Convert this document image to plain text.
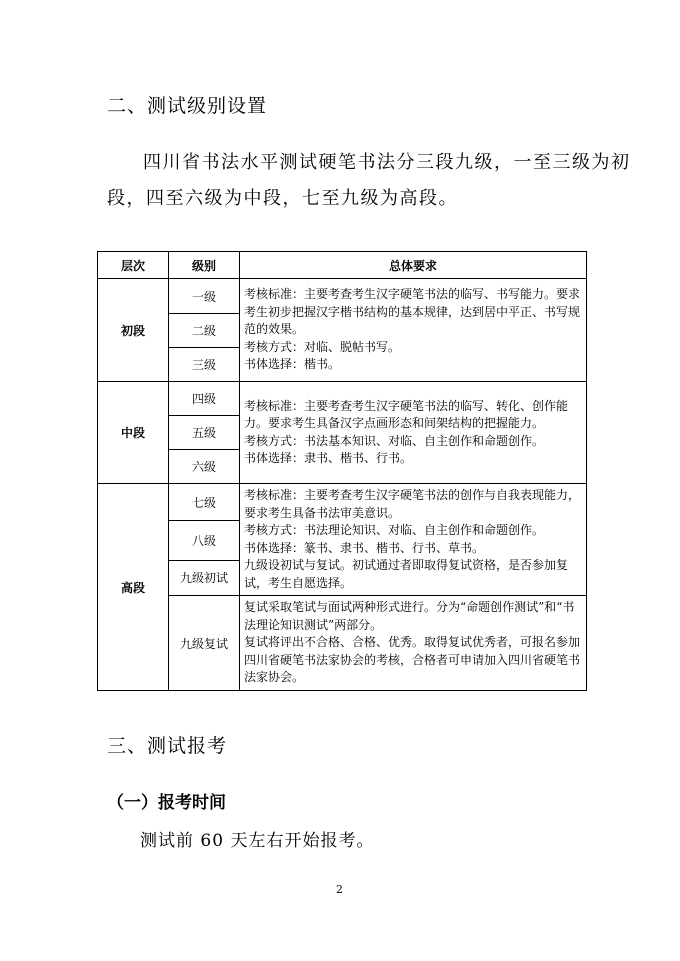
二、测试级别设置
四川省书法水平测试硬笔书法分三段九级，一至三级为初
段，四至六级为中段，七至九级为高段。
层次	级别	总体要求
初段	一级	考核标准：主要考查考生汉字硬笔书法的临写、书写能力。要求考生初步把握汉字楷书结构的基本规律，达到居中平正、书写规范的效果。
考核方式：对临、脱帖书写。
书体选择：楷书。

	二级	
	三级	
中段	四级	考核标准：主要考查考生汉字硬笔书法的临写、转化、创作能力。要求考生具备汉字点画形态和间架结构的把握能力。
考核方式：书法基本知识、对临、自主创作和命题创作。
书体选择：隶书、楷书、行书。

	五级	
	六级	
高段	七级	考核标准：主要考查考生汉字硬笔书法的创作与自我表现能力，要求考生具备书法审美意识。
考核方式：书法理论知识、对临、自主创作和命题创作。
书体选择：篆书、隶书、楷书、行书、草书。
九级设初试与复试。初试通过者即取得复试资格，是否参加复试，考生自愿选择。

	八级	
	九级初试	
	九级复试	复试采取笔试与面试两种形式进行。分为“命题创作测试”和“书法理论知识测试”两部分。
复试将评出不合格、合格、优秀。取得复试优秀者，可报名参加四川省硬笔书法家协会的考核，合格者可申请加入四川省硬笔书法家协会。
三、测试报考
（一）报考时间
测试前 60 天左右开始报考。
2
